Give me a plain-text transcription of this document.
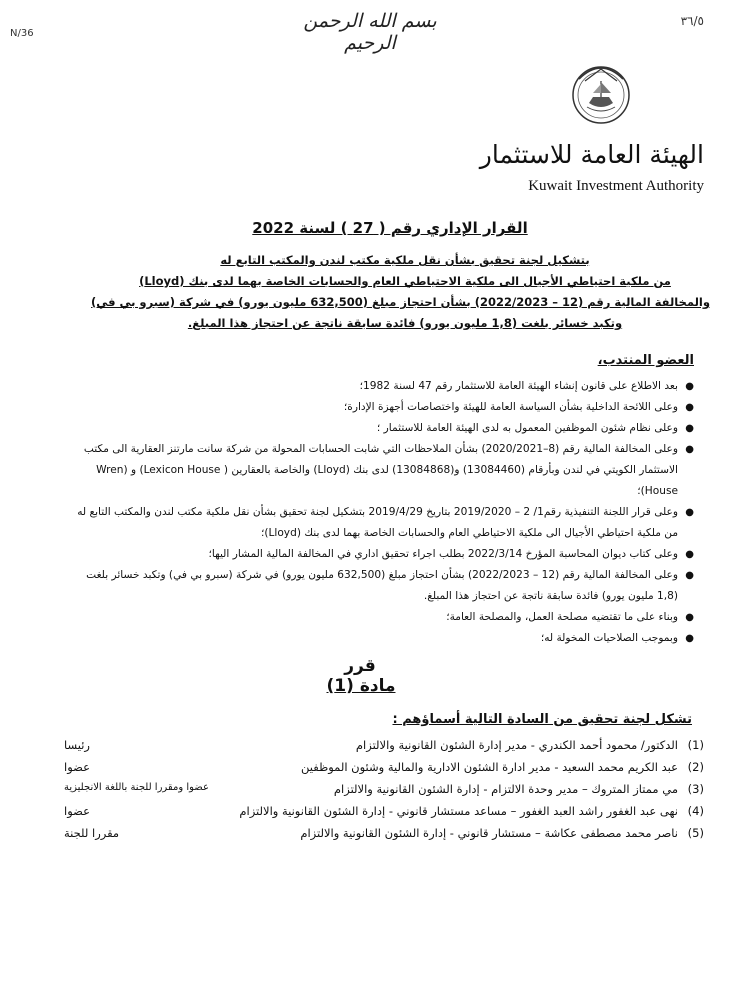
N/36
٣٦/٥
بسم الله الرحمن الرحيم
الهيئة العامة للاستثمار
Kuwait Investment Authority
القرار الإداري رقم ( 27 ) لسنة 2022
بتشكيل لجنة تحقيق بشأن نقل ملكية مكتب لندن والمكتب التابع له
من ملكية احتياطي الأجيال الى ملكية الاحتياطي العام والحسابات الخاصة بهما لدى بنك (Lloyd)
والمخالفة المالية رقم (12 – 2022/2023) بشأن احتجاز مبلغ (632,500 مليون يورو) في شركة (سبرو بي في)
وتكبد خسائر بلغت (1,8 مليون يورو) فائدة سابقة ناتجة عن احتجاز هذا المبلغ.
العضو المنتدب،
●
بعد الاطلاع على قانون إنشاء الهيئة العامة للاستثمار رقم 47 لسنة 1982؛
●
وعلى اللائحة الداخلية بشأن السياسة العامة للهيئة واختصاصات أجهزة الإدارة؛
●
وعلى نظام شئون الموظفين المعمول به لدى الهيئة العامة للاستثمار ؛
●
وعلى المخالفة المالية رقم (8–2020/2021) بشأن الملاحظات التي شابت الحسابات المحولة من شركة سانت مارتنز العقارية الى مكتب الاستثمار الكويتي في لندن وبأرقام (13084460) و(13084868) لدى بنك (Lloyd) والخاصة بالعقارين ( Lexicon House) و (Wren House)؛
●
وعلى قرار اللجنة التنفيذية رقم1/ 2 – 2019/2020 بتاريخ 2019/4/29 بتشكيل لجنة تحقيق بشأن نقل ملكية مكتب لندن والمكتب التابع له من ملكية احتياطي الأجيال الى ملكية الاحتياطي العام والحسابات الخاصة بهما لدى بنك (Lloyd)؛
●
وعلى كتاب ديوان المحاسبة المؤرخ 2022/3/14 بطلب اجراء تحقيق اداري في المخالفة المالية المشار اليها؛
●
وعلى المخالفة المالية رقم (12 – 2022/2023) بشأن احتجاز مبلغ (632,500 مليون يورو) في شركة (سبرو بي في) وتكبد خسائر بلغت (1,8 مليون يورو) فائدة سابقة ناتجة عن احتجاز هذا المبلغ.
●
وبناء على ما تقتضيه مصلحة العمل، والمصلحة العامة؛
●
وبموجب الصلاحيات المخولة له؛
قرر
مادة (1)
تشكل لجنة تحقيق من السادة التالية أسماؤهم :
(1)
الدكتور/ محمود أحمد الكندري - مدير إدارة الشئون القانونية والالتزام
رئيسا
(2)
عبد الكريم محمد السعيد - مدير ادارة الشئون الادارية والمالية وشئون الموظفين
عضوا
(3)
مي ممتاز المتروك – مدير وحدة الالتزام - إدارة الشئون القانونية والالتزام
عضوا ومقررا للجنة باللغة الانجليزية
(4)
نهى عبد الغفور راشد العبد الغفور – مساعد مستشار قانوني - إدارة الشئون القانونية والالتزام
عضوا
(5)
ناصر محمد مصطفى عكاشة – مستشار قانوني - إدارة الشئون القانونية والالتزام
مقررا للجنة
